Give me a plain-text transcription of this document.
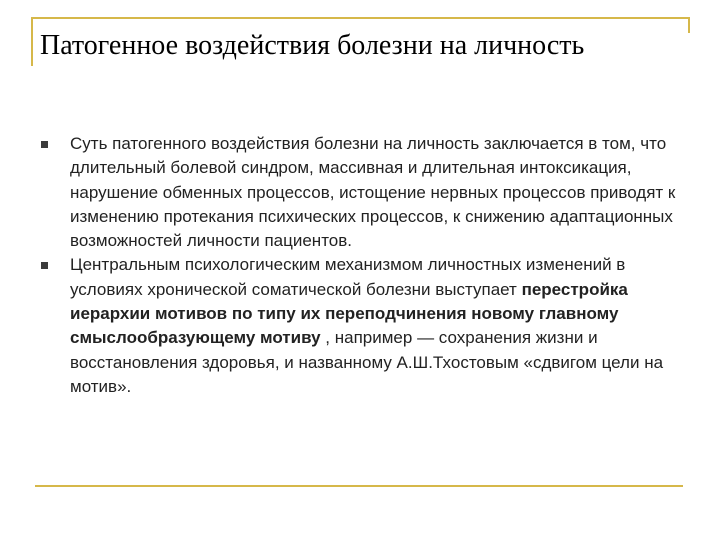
Патогенное воздействия болезни на личность
Суть патогенного воздействия болезни на личность заключается в том, что длительный болевой синдром, массивная и длительная интоксикация, нарушение обменных процессов, истощение нервных процессов приводят к изменению протекания психических процессов, к снижению адаптационных возможностей личности пациентов.
Центральным психологическим механизмом личностных изменений в условиях хронической соматической болезни выступает перестройка иерархии мотивов по типу их переподчинения новому главному смыслообразующему мотиву , например — сохранения жизни и восстановления здоровья, и названному А.Ш.Тхостовым «сдвигом цели на мотив».
